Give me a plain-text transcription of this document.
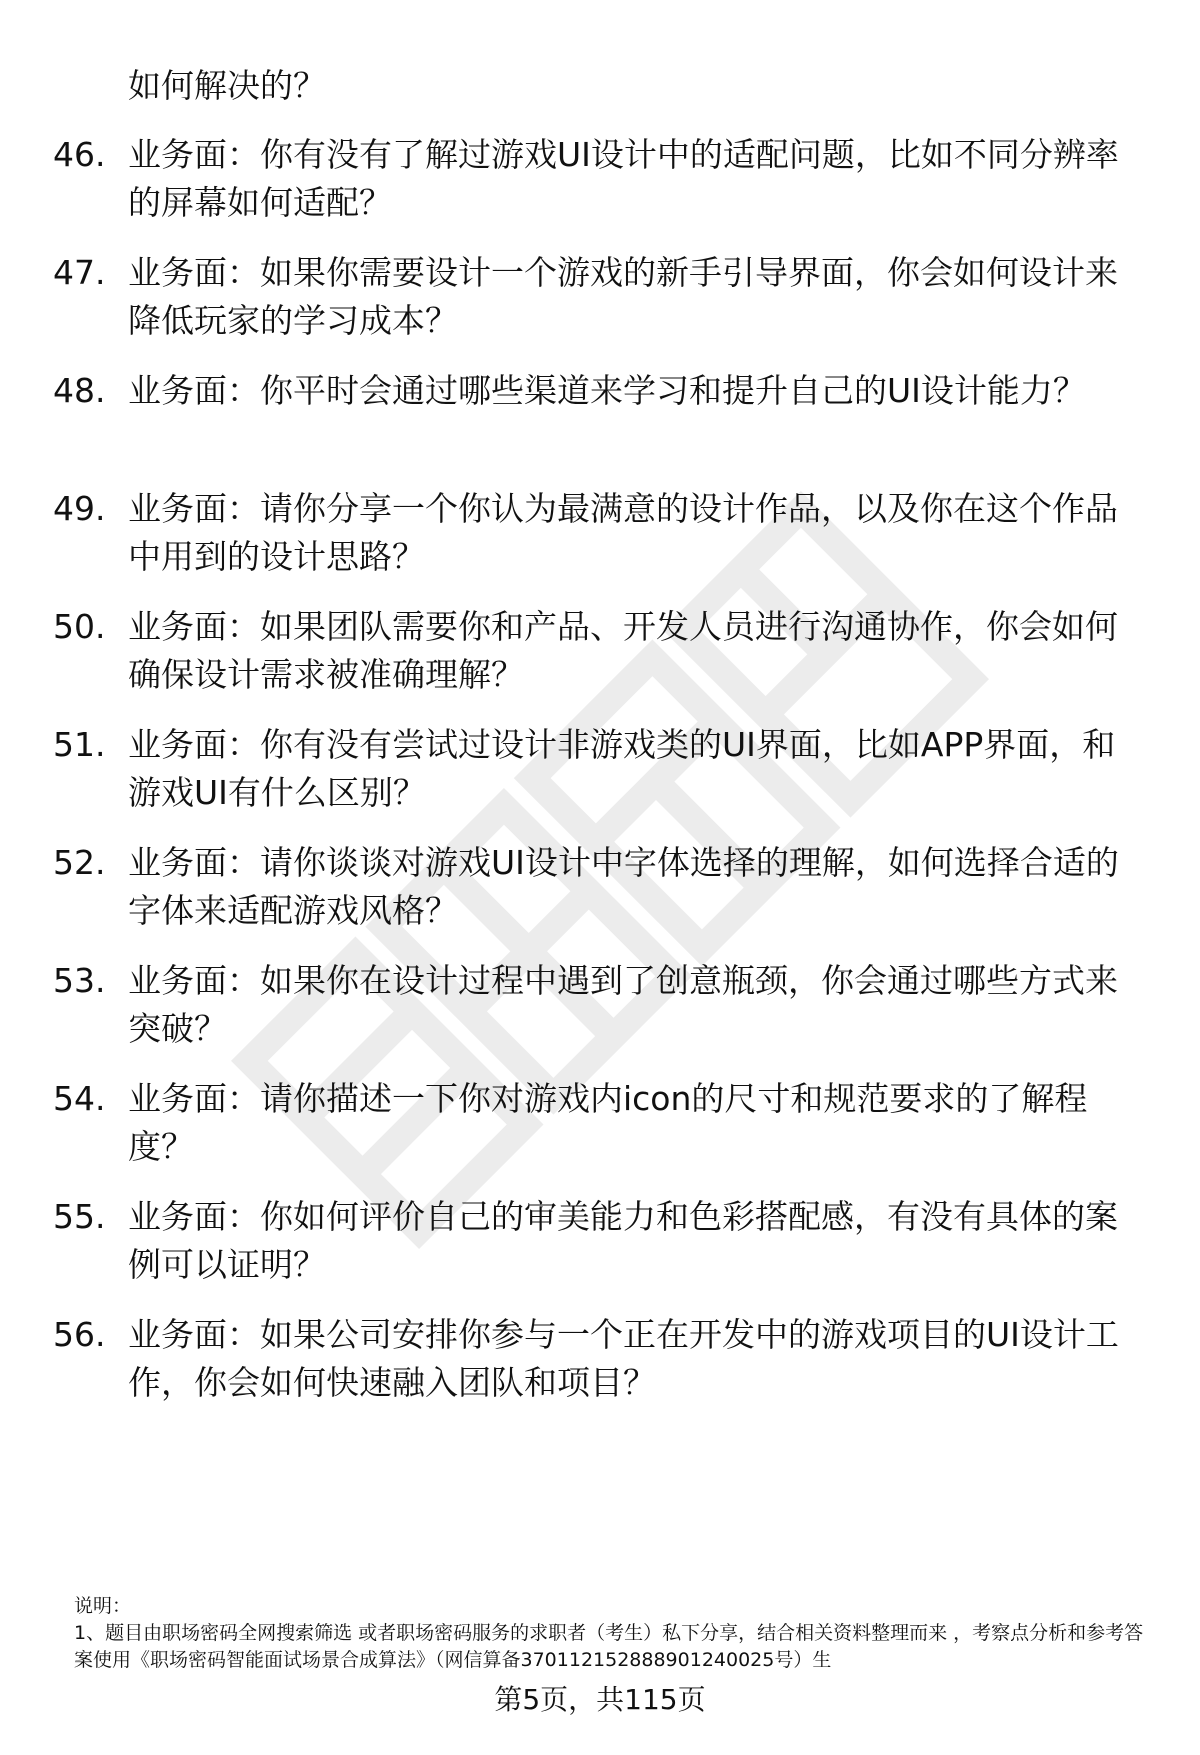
如何解决的？

46. 业务面：你有没有了解过游戏UI设计中的适配问题，比如不同分辨率的屏幕如何适配？

47. 业务面：如果你需要设计一个游戏的新手引导界面，你会如何设计来降低玩家的学习成本？

48. 业务面：你平时会通过哪些渠道来学习和提升自己的UI设计能力？

49. 业务面：请你分享一个你认为最满意的设计作品，以及你在这个作品中用到的设计思路？

50. 业务面：如果团队需要你和产品、开发人员进行沟通协作，你会如何确保设计需求被准确理解？

51. 业务面：你有没有尝试过设计非游戏类的UI界面，比如APP界面，和游戏UI有什么区别？

52. 业务面：请你谈谈对游戏UI设计中字体选择的理解，如何选择合适的字体来适配游戏风格？

53. 业务面：如果你在设计过程中遇到了创意瓶颈，你会通过哪些方式来突破？

54. 业务面：请你描述一下你对游戏内icon的尺寸和规范要求的了解程度？

55. 业务面：你如何评价自己的审美能力和色彩搭配感，有没有具体的案例可以证明？

56. 业务面：如果公司安排你参与一个正在开发中的游戏项目的UI设计工作，你会如何快速融入团队和项目？

说明：

1、题目由职场密码全网搜索筛选 或者职场密码服务的求职者（考生）私下分享，结合相关资料整理而来 ，考察点分析和参考答案使用《职场密码智能面试场景合成算法》（网信算备370112152888901240025号）生

第5页，共115页
